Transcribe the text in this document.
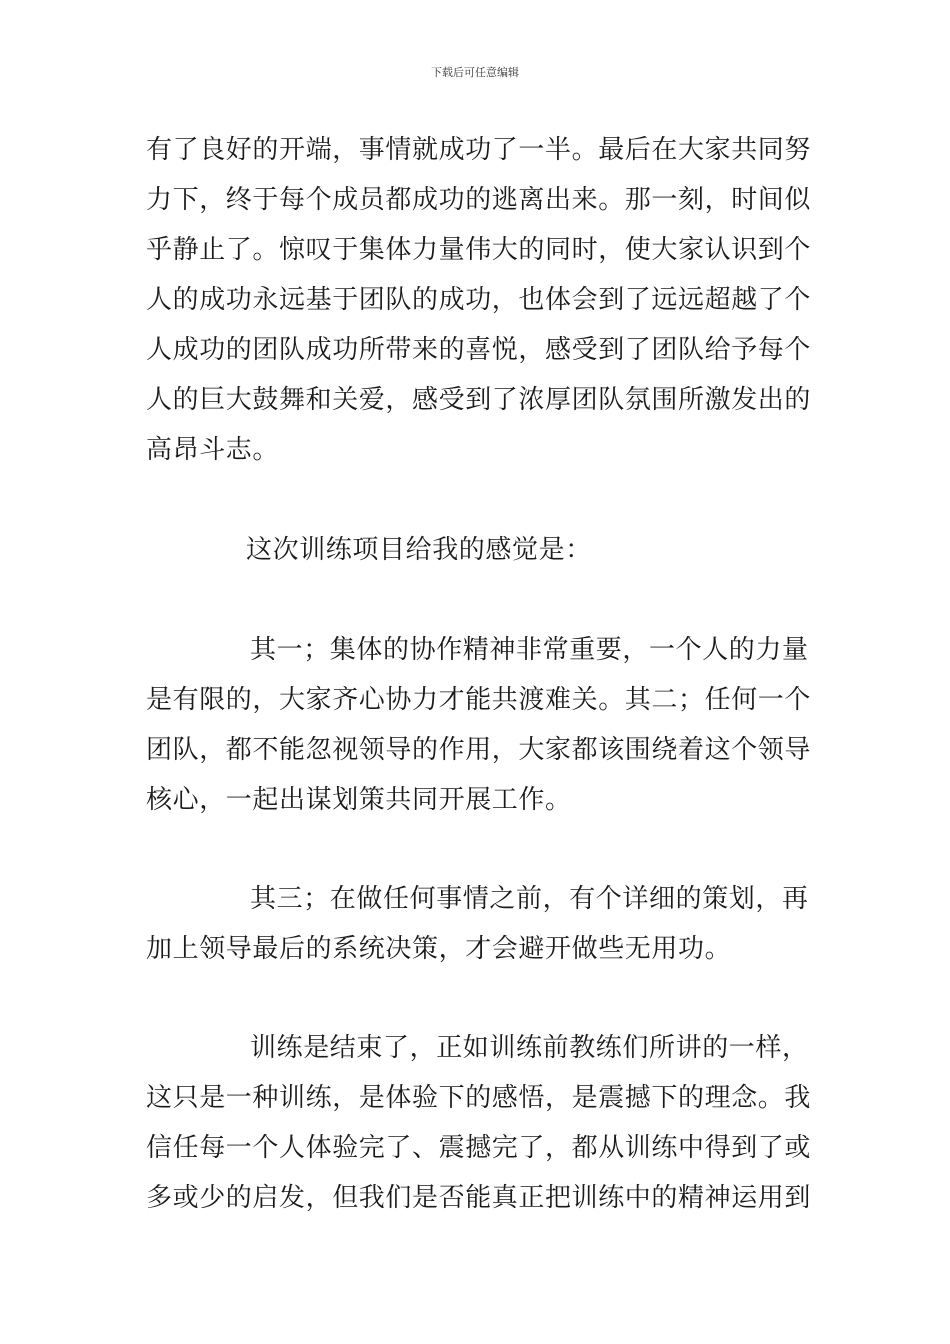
下载后可任意编辑

有了良好的开端，事情就成功了一半。最后在大家共同努

力下，终于每个成员都成功的逃离出来。那一刻，时间似

乎静止了。惊叹于集体力量伟大的同时，使大家认识到个

人的成功永远基于团队的成功，也体会到了远远超越了个

人成功的团队成功所带来的喜悦，感受到了团队给予每个

人的巨大鼓舞和关爱，感受到了浓厚团队氛围所激发出的

高昂斗志。

这次训练项目给我的感觉是：

其一；集体的协作精神非常重要，一个人的力量

是有限的，大家齐心协力才能共渡难关。其二；任何一个

团队，都不能忽视领导的作用，大家都该围绕着这个领导

核心，一起出谋划策共同开展工作。

其三；在做任何事情之前，有个详细的策划，再

加上领导最后的系统决策，才会避开做些无用功。

训练是结束了，正如训练前教练们所讲的一样，

这只是一种训练，是体验下的感悟，是震撼下的理念。我

信任每一个人体验完了、震撼完了，都从训练中得到了或

多或少的启发，但我们是否能真正把训练中的精神运用到
